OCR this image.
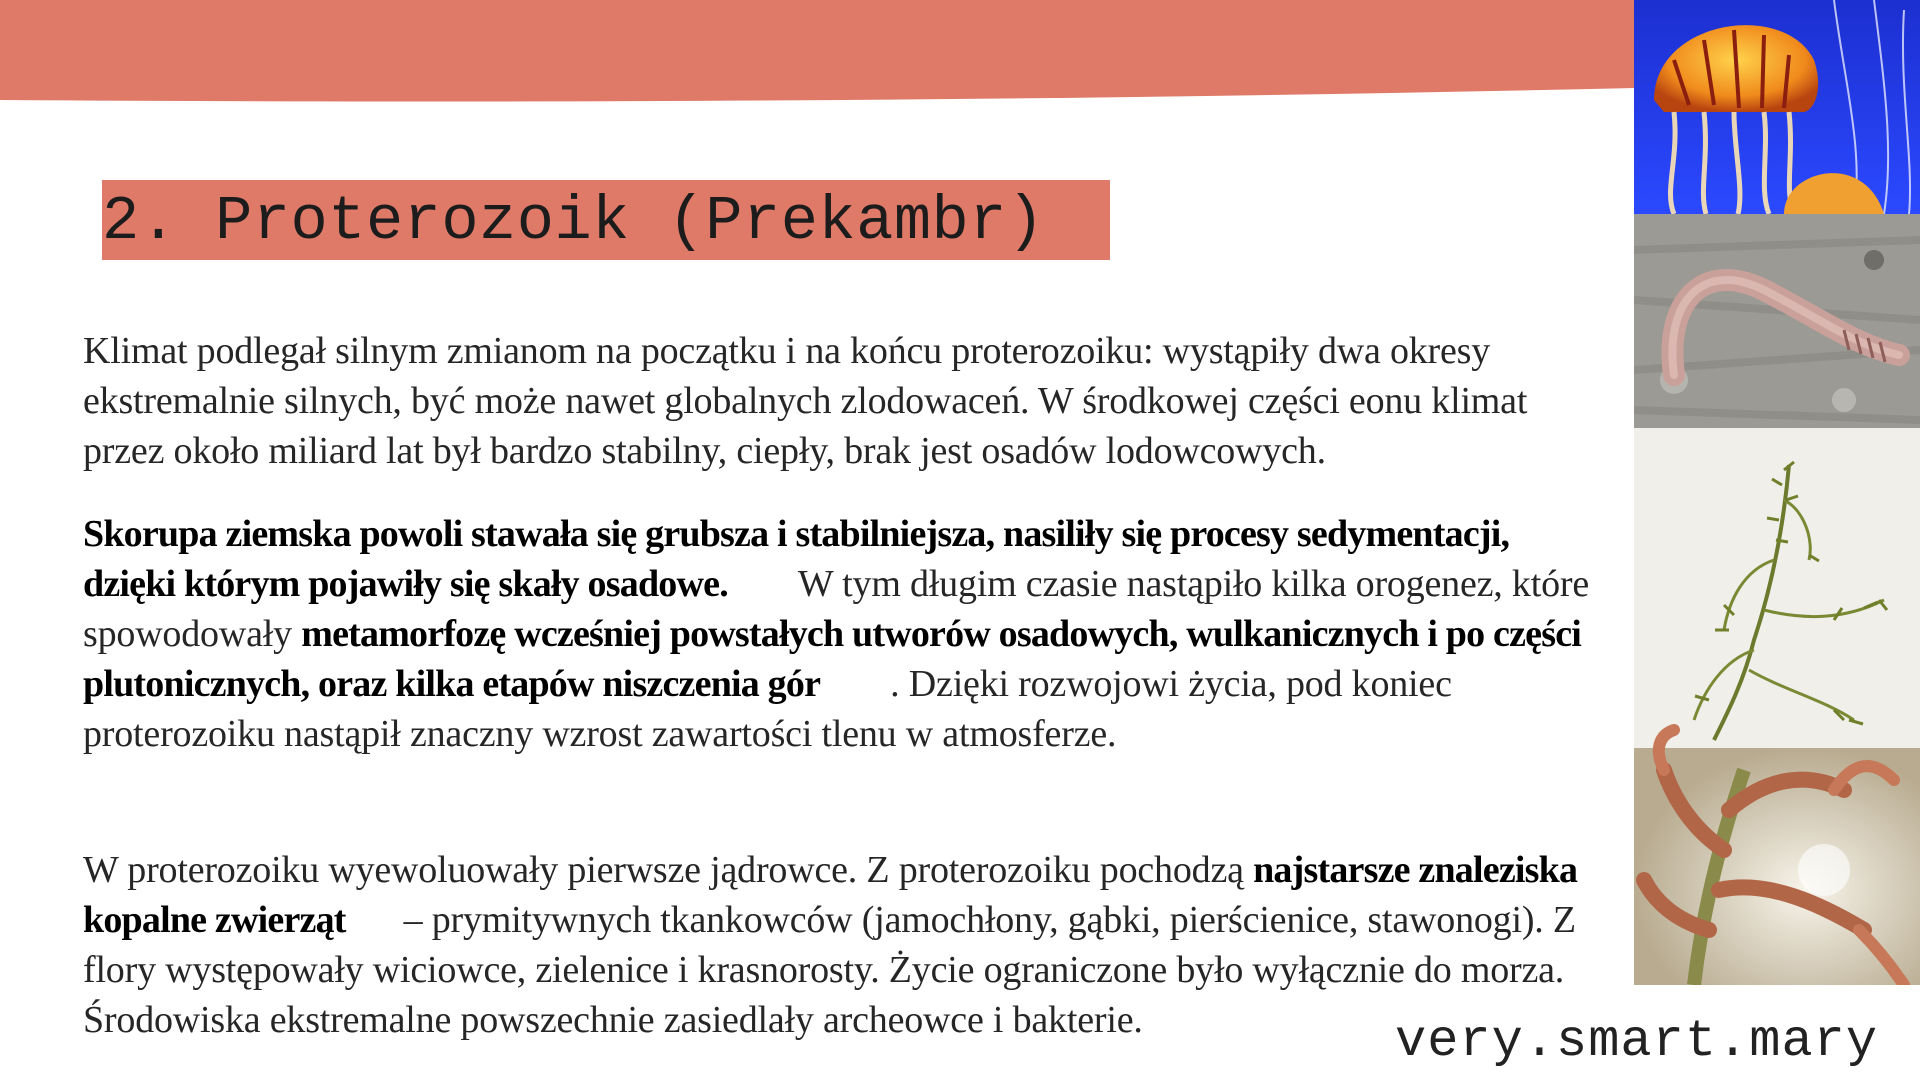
2. Proterozoik (Prekambr)

Klimat podlegał silnym zmianom na początku i na końcu proterozoiku: wystąpiły dwa okresy ekstremalnie silnych, być może nawet globalnych zlodowaceń. W środkowej części eonu klimat przez około miliard lat był bardzo stabilny, ciepły, brak jest osadów lodowcowych.

Skorupa ziemska powoli stawała się grubsza i stabilniejsza, nasiliły się procesy sedymentacji, dzięki którym pojawiły się skały osadowe. W tym długim czasie nastąpiło kilka orogenez, które spowodowały metamorfozę wcześniej powstałych utworów osadowych, wulkanicznych i po części plutonicznych, oraz kilka etapów niszczenia gór . Dzięki rozwojowi życia, pod koniec proterozoiku nastąpił znaczny wzrost zawartości tlenu w atmosferze.

W proterozoiku wyewoluowały pierwsze jądrowce. Z proterozoiku pochodzą najstarsze znaleziska kopalne zwierząt – prymitywnych tkankowców (jamochłony, gąbki, pierścienice, stawonogi). Z flory występowały wiciowce, zielenice i krasnorosty. Życie ograniczone było wyłącznie do morza. Środowiska ekstremalne powszechnie zasiedlały archeowce i bakterie.	very.smart.mary
